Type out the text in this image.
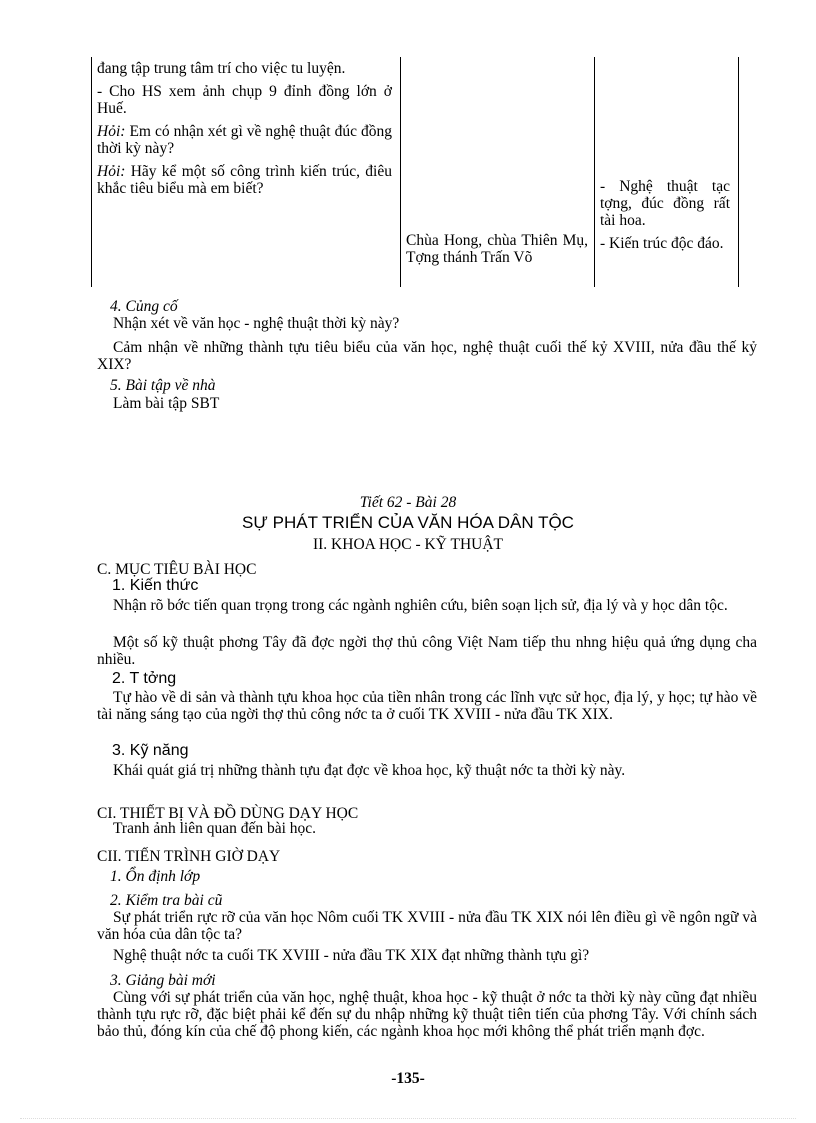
đang tập trung tâm trí cho việc tu luyện.

- Cho HS xem ảnh chụp 9 đỉnh đồng lớn ở Huế.

Hỏi: Em có nhận xét gì về nghệ thuật đúc đồng thời kỳ này?

Hỏi: Hãy kể một số công trình kiến trúc, điêu khắc tiêu biểu mà em biết?

Chùa Hong, chùa Thiên Mụ, Tợng thánh Trấn Võ

- Nghệ thuật tạc tợng, đúc đồng rất tài hoa.

- Kiến trúc độc đáo.

4. Củng cố
Nhận xét về văn học - nghệ thuật thời kỳ này?
Cảm nhận về những thành tựu tiêu biểu của văn học, nghệ thuật cuối thế kỷ XVIII, nửa đầu thế kỷ XIX?
5. Bài tập về nhà
Làm bài tập SBT
Tiết 62 - Bài 28
SỰ PHÁT TRIỂN CỦA VĂN HÓA DÂN TỘC
II. KHOA HỌC - KỸ THUẬT
C. MỤC TIÊU BÀI HỌC
1. Kiến thức
Nhận rõ bớc tiến quan trọng trong các ngành nghiên cứu, biên soạn lịch sử, địa lý và y học dân tộc.
Một số kỹ thuật phơng Tây đã đợc ngời thợ thủ công Việt Nam tiếp thu nhng hiệu quả ứng dụng cha nhiều.
2. T tởng
Tự hào về di sản và thành tựu khoa học của tiền nhân trong các lĩnh vực sử học, địa lý, y học; tự hào về tài năng sáng tạo của ngời thợ thủ công nớc ta ở cuối TK XVIII - nửa đầu TK XIX.
3. Kỹ năng
Khái quát giá trị những thành tựu đạt đợc về khoa học, kỹ thuật nớc ta thời kỳ này.
CI. THIẾT BỊ VÀ ĐỒ DÙNG DẠY HỌC
Tranh ảnh liên quan đến bài học.
CII. TIẾN TRÌNH GIỜ DẠY
1. Ổn định lớp
2. Kiểm tra bài cũ
Sự phát triển rực rỡ của văn học Nôm cuối TK XVIII - nửa đầu TK XIX nói lên điều gì về ngôn ngữ và văn hóa của dân tộc ta?
Nghệ thuật nớc ta cuối TK XVIII - nửa đầu TK XIX đạt những thành tựu gì?
3. Giảng bài mới
Cùng với sự phát triển của văn học, nghệ thuật, khoa học - kỹ thuật ở nớc ta thời kỳ này cũng đạt nhiều thành tựu rực rỡ, đặc biệt phải kể đến sự du nhập những kỹ thuật tiên tiến của phơng Tây. Với chính sách bảo thủ, đóng kín của chế độ phong kiến, các ngành khoa học mới không thể phát triển mạnh đợc.
-135-
